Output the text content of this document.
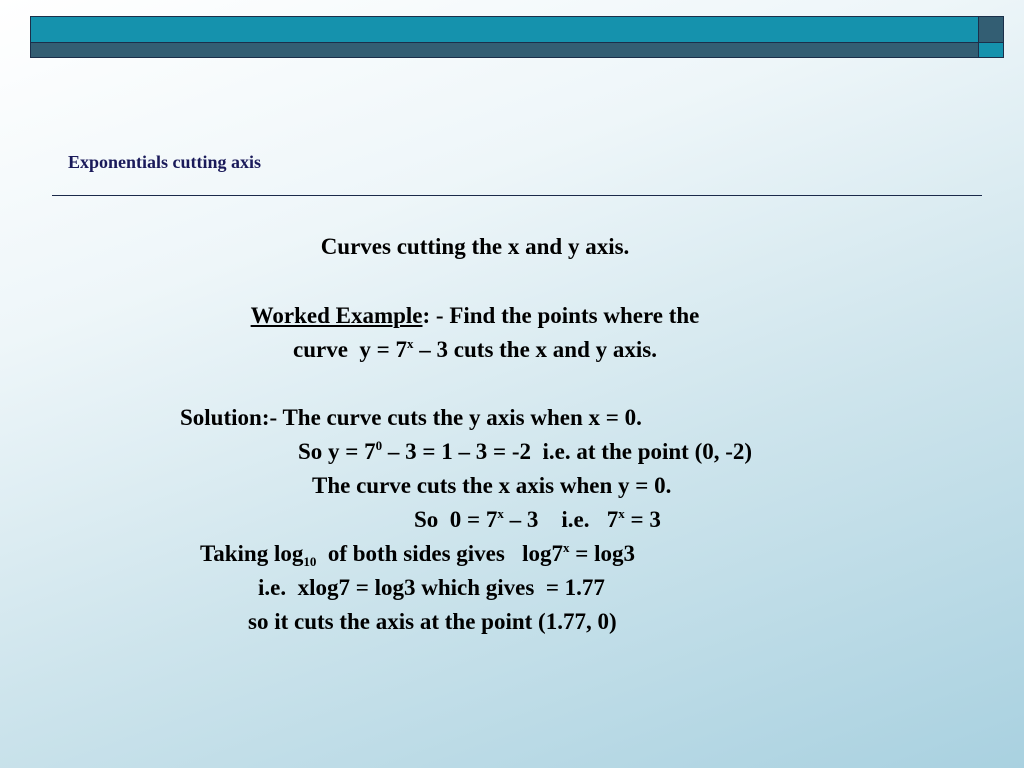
Exponentials cutting axis
Curves cutting the x and y axis.
Worked Example: - Find the points where the
curve  $y = 7^x - 3$ cuts the x and y axis.
Solution:- The curve cuts the y axis when x = 0.
So $y = 7^0 - 3 = 1 - 3 = -2$  i.e. at the point (0, -2)
The curve cuts the x axis when y = 0.
So  $0 = 7^x - 3$    i.e.   $7^x = 3$
Taking $\log_{10}$  of both sides gives   $\log 7^x = \log 3$
i.e.  xlog7 = log3 which gives  = 1.77
so it cuts the axis at the point (1.77, 0)
